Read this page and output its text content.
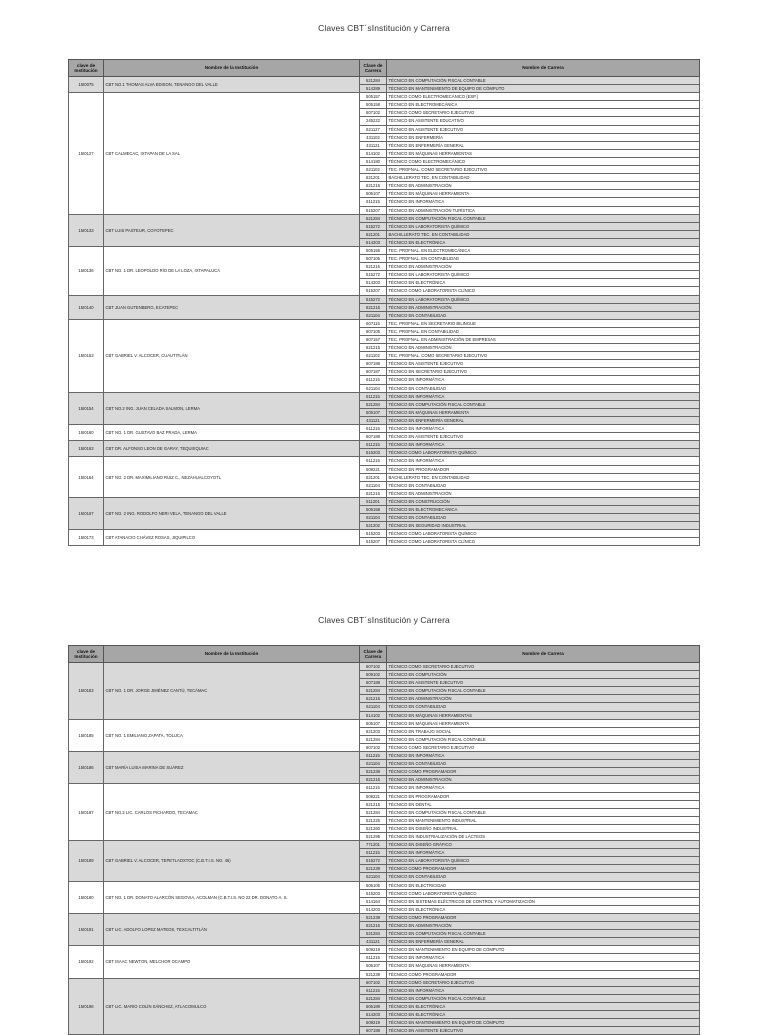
Claves CBT´sInstitución y Carrera
clave de Institución	Nombre de la Institución	Clave de Carrera	Nombre de Carrera
15I0075	CBT NO.1 THOMAS ALVA EDISON, TENANGO DEL VALLE	521284	TÉCNICO EN COMPUTACIÓN FISCAL CONTABLE
		514289	TÉCNICO EN MANTENIMIENTO DE EQUIPO DE CÓMPUTO
15I0127	CBT CALMECAC, IXTAPAN DE LA SAL	505157	TÉCNICO COMO ELECTROMECÁNICO (ESP.)
		505158	TÉCNICO EN ELECTROMECÁNICA
		607102	TÉCNICO COMO SECRETARIO EJECUTIVO
		245222	TÉCNICO EN ASISTENTE EDUCATIVO
		621127	TÉCNICO EN ASISTENTE EJECUTIVO
		431102	TÉCNICO EN ENFERMERÍA
		431121	TÉCNICO EN ENFERMERÍA GENERAL
		514102	TÉCNICO EN MÁQUINAS HERRAMIENTAS
		514180	TÉCNICO COMO ELECTROMECÁNICO
		621102	TEC. PROFNAL. COMO SECRETARIO EJECUTIVO
		621201	BACHILLERATO TEC. EN CONTABILIDAD
		621215	TÉCNICO EN ADMINISTRACIÓN
		505107	TÉCNICO EN MÁQUINAS HERRAMIENTA
		611215	TÉCNICO EN INFORMÁTICA
		615207	TÉCNICO EN ADMINISTRACIÓN TURÍSTICA
15I0133	CBT LUIS PASTEUR, COYOTEPEC	521284	TÉCNICO EN COMPUTACIÓN FISCAL CONTABLE
		515272	TÉCNICO EN LABORATORISTA QUÍMICO
		621201	BACHILLERATO TEC. EN CONTABILIDAD
		514203	TÉCNICO EN ELECTRÓNICA
15I0136	CBT NO. 1 DR. LEOPOLDO RÍO DE LA LOZA, IXTAPALUCA	505156	TEC. PROFNAL. EN ELECTROMECÁNICA
		607105	TEC. PROFNAL. EN CONTABILIDAD
		621215	TÉCNICO EN ADMINISTRACIÓN
		515272	TÉCNICO EN LABORATORISTA QUÍMICO
		514203	TÉCNICO EN ELECTRÓNICA
		515207	TÉCNICO COMO LABORATORISTA CLÍNICO
15I0140	CBT JUAN GUTENBERG, ECATEPEC	515272	TÉCNICO EN LABORATORISTA QUÍMICO
		621215	TÉCNICO EN ADMINISTRACIÓN
		621104	TÉCNICO EN CONTABILIDAD
15I0153	CBT GABRIEL V. ALCOCER, CUAUTITLÁN	607115	TEC. PROFNAL. EN SECRETARIO BILINGUE
		607105	TEC. PROFNAL. EN CONTABILIDAD
		607157	TEC. PROFNAL. EN ADMINISTRACIÓN DE EMPRESAS
		621215	TÉCNICO EN ADMINISTRACIÓN
		621102	TEC. PROFNAL. COMO SECRETARIO EJECUTIVO
		607188	TÉCNICO EN ASISTENTE EJECUTIVO
		607187	TÉCNICO EN SECRETARIO EJECUTIVO
		611215	TÉCNICO EN INFORMÁTICA
		621104	TÉCNICO EN CONTABILIDAD
15I0154	CBT NO.2 ING. JUAN CELADA SALMON, LERMA	611215	TÉCNICO EN INFORMÁTICA
		521284	TÉCNICO EN COMPUTACIÓN FISCAL CONTABLE
		505107	TÉCNICO EN MÁQUINAS HERRAMIENTA
		431121	TÉCNICO EN ENFERMERÍA GENERAL
15I0160	CBT NO. 1 DR. GUSTAVO BAZ PRADA, LERMA	611215	TÉCNICO EN INFORMÁTICA
		607188	TÉCNICO EN ASISTENTE EJECUTIVO
15I0163	CBT DR. ALFONSO LEON DE GARAY, TEQUIXQUIAC	611215	TÉCNICO EN INFORMÁTICA
		515203	TÉCNICO COMO LABORATORISTA QUÍMICO
15I0164	CBT NO. 2 DR. MAXIMILIANO RUIZ C., NEZAHUALCOYOTL	611215	TÉCNICO EN INFORMÁTICA
		509221	TÉCNICO EN PROGRAMADOR
		621201	BACHILLERATO TEC. EN CONTABILIDAD
		621104	TÉCNICO EN CONTABILIDAD
		621215	TÉCNICO EN ADMINISTRACIÓN
15I0167	CBT NO. 2 ING. RODOLFO NERI VELA, TENANGO DEL VALLE	511201	TÉCNICO EN CONSTRUCCIÓN
		505158	TÉCNICO EN ELECTROMECÁNICA
		621104	TÉCNICO EN CONTABILIDAD
		521202	TÉCNICO EN SEGURIDAD INDUSTRIAL
15I0173	CBT ATANACIO CHÁVEZ ROSAS, JIQUIPILCO	515203	TÉCNICO COMO LABORATORISTA QUÍMICO
		515207	TÉCNICO COMO LABORATORISTA CLÍNICO
Claves CBT´sInstitución y Carrera
clave de Institución	Nombre de la Institución	Clave de Carrera	Nombre de Carrera
15I0183	CBT NO. 1 DR. JORGE JIMÉNEZ CANTÚ, TECÁMAC	607102	TÉCNICO COMO SECRETARIO EJECUTIVO
		509102	TÉCNICO EN COMPUTACIÓN
		607188	TÉCNICO EN ASISTENTE EJECUTIVO
		521284	TÉCNICO EN COMPUTACIÓN FISCAL CONTABLE
		621215	TÉCNICO EN ADMINISTRACIÓN
		621104	TÉCNICO EN CONTABILIDAD
		514102	TÉCNICO EN MÁQUINAS HERRAMIENTAS
15I0185	CBT NO. 1 EMILIANO ZAPATA, TOLUCA	505107	TÉCNICO EN MÁQUINAS HERRAMIENTA
		621203	TÉCNICO EN TRABAJO SOCIAL
		521284	TÉCNICO EN COMPUTACIÓN FISCAL CONTABLE
		607102	TÉCNICO COMO SECRETARIO EJECUTIVO
15I0186	CBT MARÍA LUISA MARINA DE SUÁREZ	611215	TÉCNICO EN INFORMÁTICA
		621104	TÉCNICO EN CONTABILIDAD
		521239	TÉCNICO COMO PROGRAMADOR
		621215	TÉCNICO EN ADMINISTRACIÓN
15I0187	CBT NO.2 LIC. CARLOS PICHARDO, TECAMAC	611215	TÉCNICO EN INFORMÁTICA
		509221	TÉCNICO EN PROGRAMADOR
		621215	TÉCNICO EN DENTAL
		521284	TÉCNICO EN COMPUTACIÓN FISCAL CONTABLE
		521225	TÉCNICO EN MANTENIMIENTO INDUSTRIAL
		521260	TÉCNICO EN DISEÑO INDUSTRIAL
		521295	TÉCNICO EN INDUSTRIALIZACIÓN DE LÁCTEOS
15I0189	CBT GABRIEL V. ALCOCER, TEPETLAOXTOC (C.B.T.I.S. NO. 46)	771201	TÉCNICO EN DISEÑO GRÁFICO
		611215	TÉCNICO EN INFORMÁTICA
		515272	TÉCNICO EN LABORATORISTA QUÍMICO
		521239	TÉCNICO COMO PROGRAMADOR
		621104	TÉCNICO EN CONTABILIDAD
15I0190	CBT NO. 1 DR. DONATO ALARCÓN SEGOVIA, ACOLMAN (C.B.T.I.S. NO 22 DR. DONATO A. S.	505105	TÉCNICO EN ELECTRICIDAD
		515203	TÉCNICO COMO LABORATORISTA QUÍMICO
		514164	TÉCNICO EN SISTEMAS ELÉCTRICOS DE CONTROL Y AUTOMATIZACIÓN
		514203	TÉCNICO EN ELECTRÓNICA
15I0191	CBT LIC. ADOLFO LOPEZ MATEOS, TEXCALTITLÁN	521239	TÉCNICO COMO PROGRAMADOR
		621215	TÉCNICO EN ADMINISTRACIÓN
		521284	TÉCNICO EN COMPUTACIÓN FISCAL CONTABLE
		431121	TÉCNICO EN ENFERMERÍA GENERAL
15I0192	CBT ISAAC NEWTON, MELCHOR OCAMPO	509219	TÉCNICO EN MANTENIMIENTO EN EQUIPO DE CÓMPUTO
		611215	TÉCNICO EN INFORMÁTICA
		505107	TÉCNICO EN MÁQUINAS HERRAMIENTA
		521239	TÉCNICO COMO PROGRAMADOR
15I0196	CBT LIC. MARIO COLÍN SÁNCHEZ, ATLACOMULCO	607102	TÉCNICO COMO SECRETARIO EJECUTIVO
		611215	TÉCNICO EN INFORMÁTICA
		521284	TÉCNICO EN COMPUTACIÓN FISCAL CONTABLE
		505189	TÉCNICO EN ELECTRÓNICA
		514203	TÉCNICO EN ELECTRÓNICA
		509219	TÉCNICO EN MANTENIMIENTO EN EQUIPO DE CÓMPUTO
		607188	TÉCNICO EN ASISTENTE EJECUTIVO
